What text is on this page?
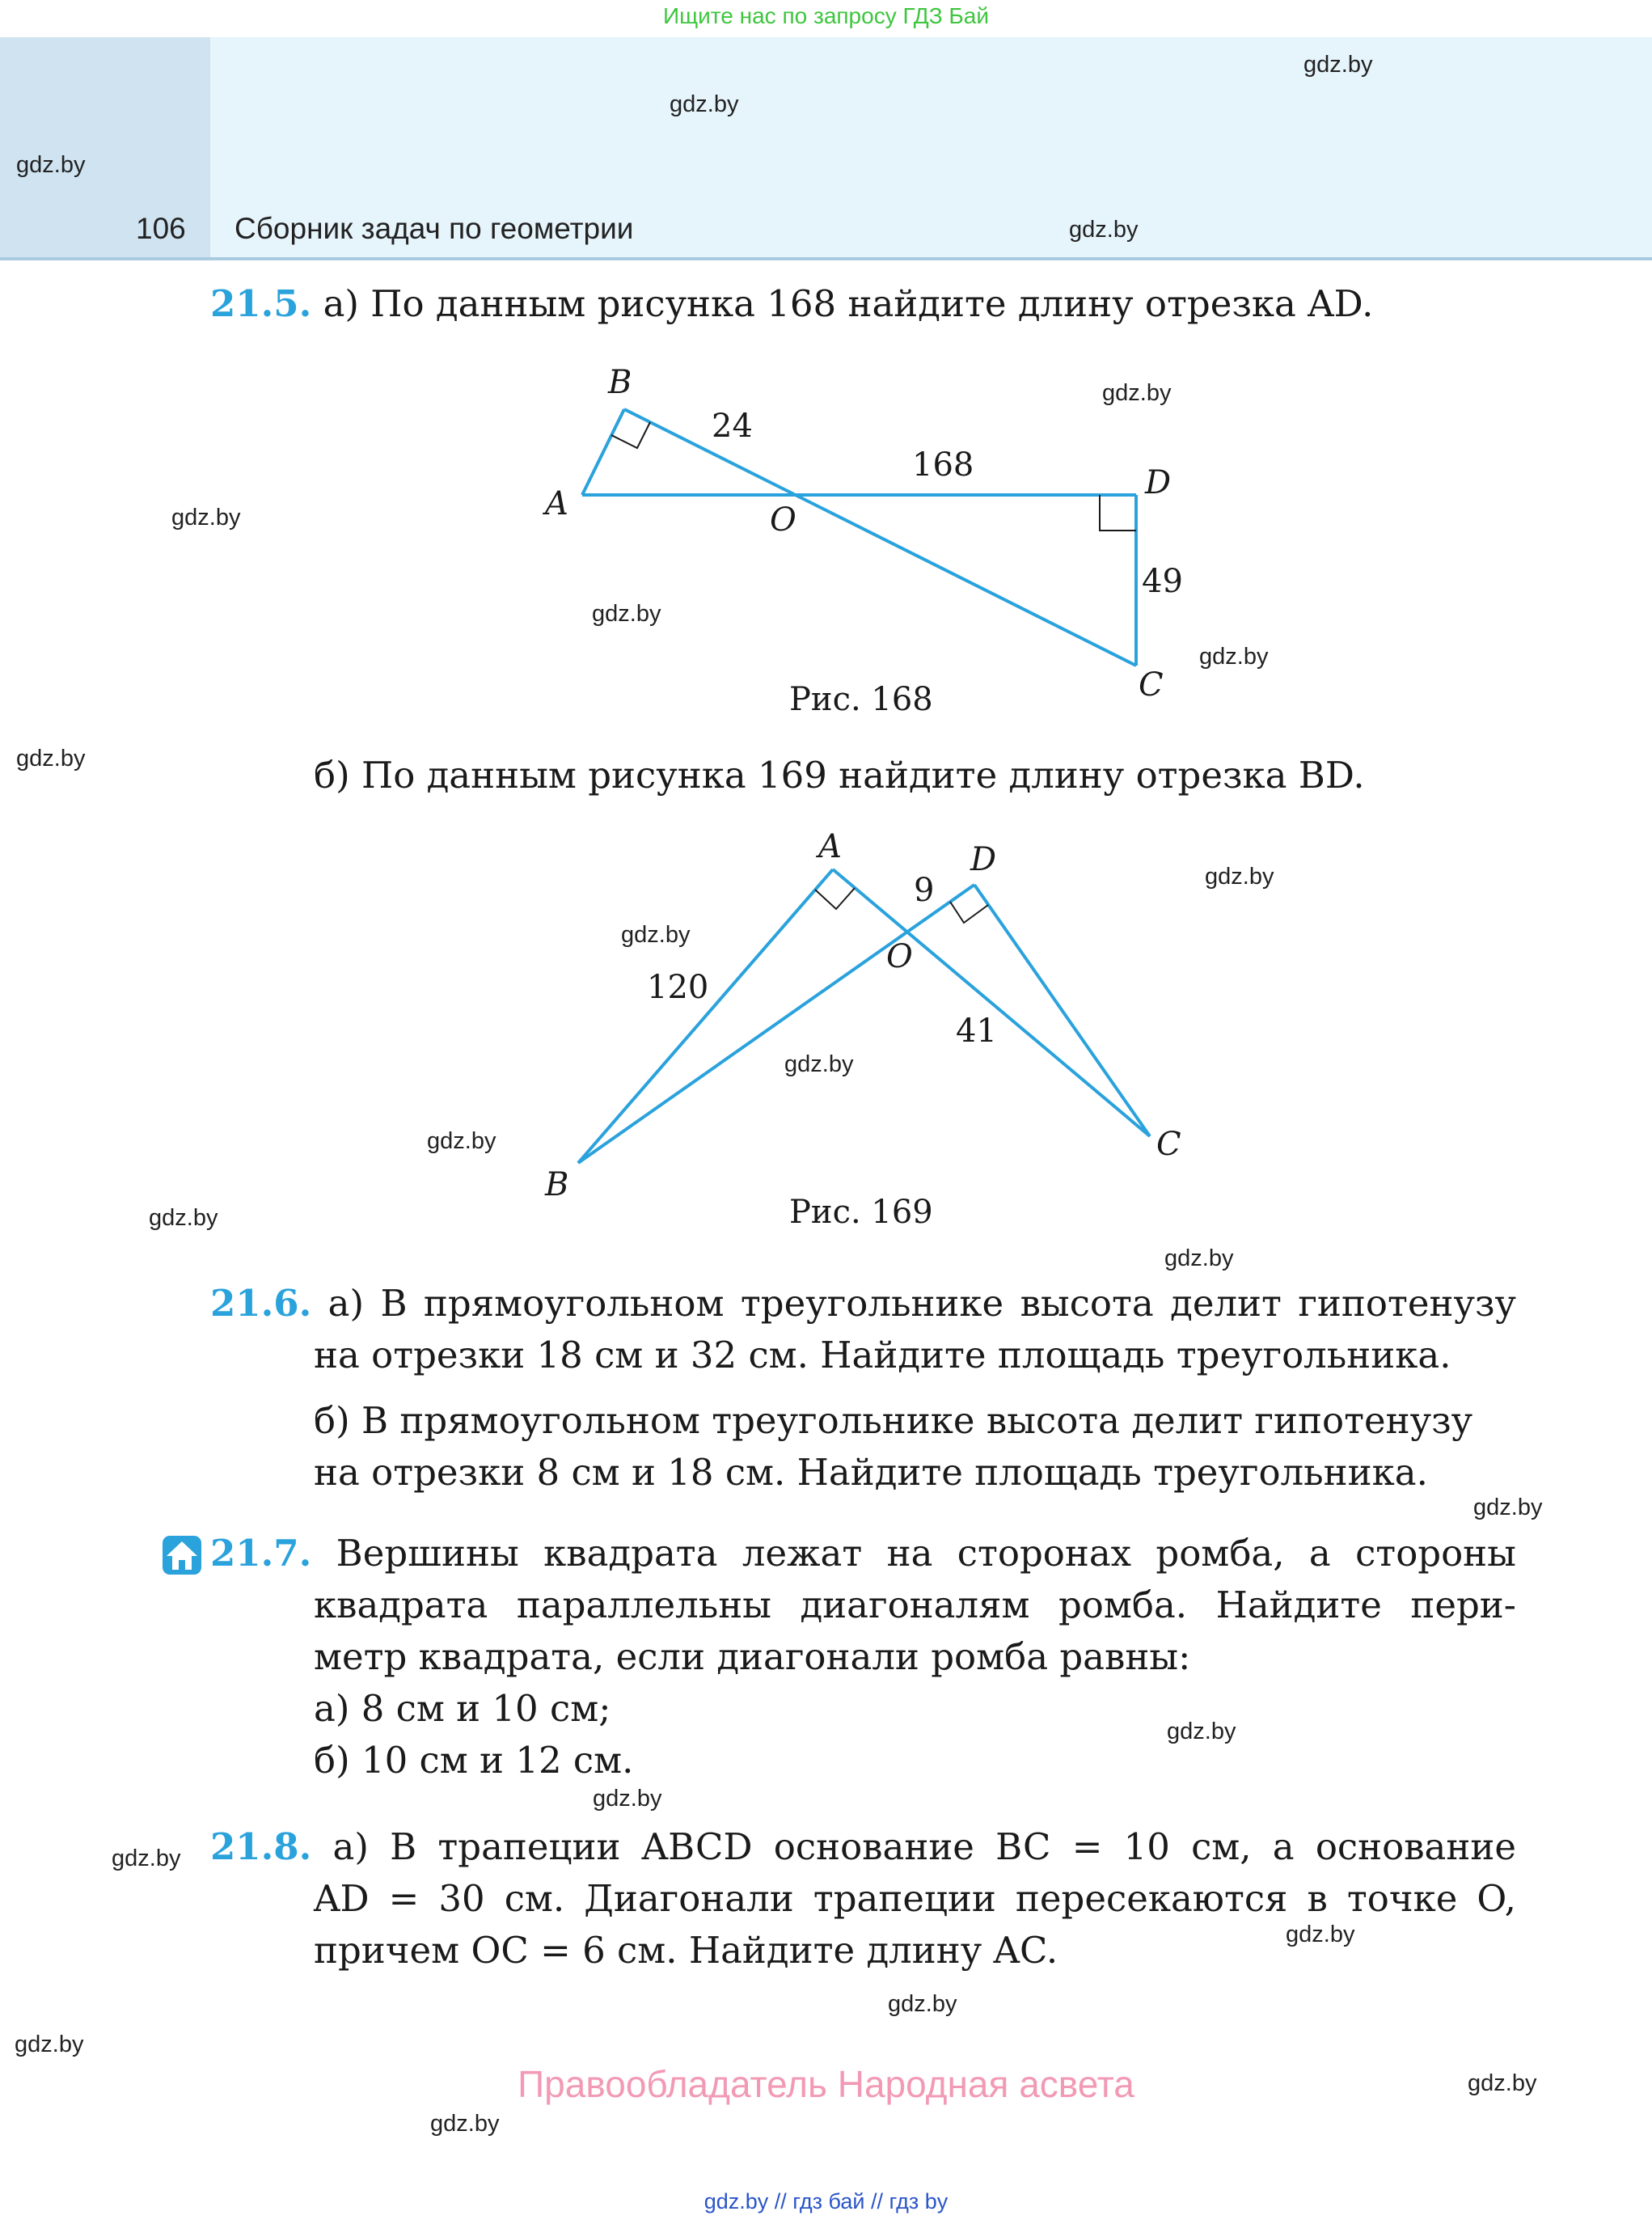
Ищите нас по запросу ГДЗ Бай
106 Сборник задач по геометрии
gdz.by
gdz.by
gdz.by
gdz.by
gdz.by
gdz.by
gdz.by
gdz.by
gdz.by
gdz.by
gdz.by
gdz.by
gdz.by
gdz.by
gdz.by
gdz.by
gdz.by
gdz.by
gdz.by
gdz.by
gdz.by
gdz.by
gdz.by
gdz.by
21.5. а) По данным рисунка 168 найдите длину отрезка AD.
B
A	O
D
C
24
168
49
Рис. 168
б) По данным рисунка 169 найдите длину отрезка BD.
A	D
O
B
C
120
9
41
Рис. 169
21.6. а) В прямоугольном треугольнике высота делит гипотенузу
на отрезки 18 см и 32 см. Найдите площадь треугольника.
б) В прямоугольном треугольнике высота делит гипотенузу
на отрезки 8 см и 18 см. Найдите площадь треугольника.
21.7. Вершины квадрата лежат на сторонах ромба, а стороны
квадрата параллельны диагоналям ромба. Найдите пери-
метр квадрата, если диагонали ромба равны:
а) 8 см и 10 см;
б) 10 см и 12 см.
21.8. а) В трапеции ABCD основание BC = 10 см, а основание
AD = 30 см. Диагонали трапеции пересекаются в точке O,
причем OC = 6 см. Найдите длину AC.
Правообладатель Народная асвета
gdz.by // гдз бай // гдз by
